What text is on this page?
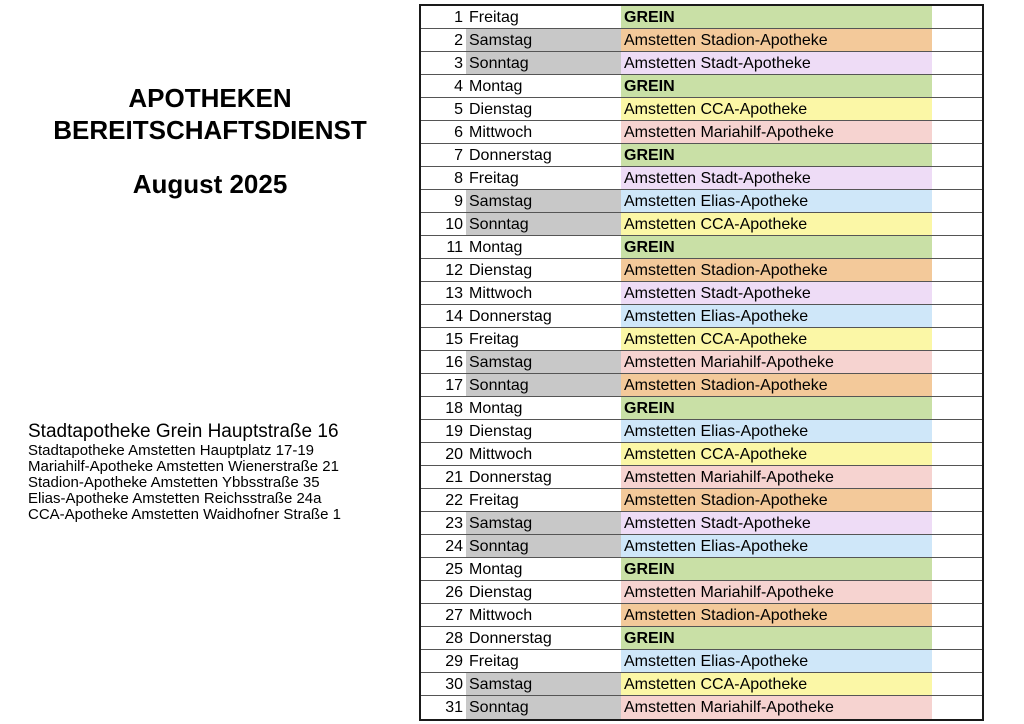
APOTHEKEN
BEREITSCHAFTSDIENST
August 2025
Stadtapotheke Grein Hauptstraße 16
Stadtapotheke Amstetten Hauptplatz 17-19
Mariahilf-Apotheke Amstetten Wienerstraße 21
Stadion-Apotheke Amstetten Ybbsstraße 35
Elias-Apotheke Amstetten Reichsstraße 24a
CCA-Apotheke Amstetten Waidhofner Straße 1
1 Freitag	GREIN
2 Samstag	Amstetten Stadion-Apotheke
3 Sonntag	Amstetten Stadt-Apotheke
4 Montag	GREIN
5 Dienstag	Amstetten CCA-Apotheke
6 Mittwoch	Amstetten Mariahilf-Apotheke
7 Donnerstag	GREIN
8 Freitag	Amstetten Stadt-Apotheke
9 Samstag	Amstetten Elias-Apotheke
10 Sonntag	Amstetten CCA-Apotheke
11 Montag	GREIN
12 Dienstag	Amstetten Stadion-Apotheke
13 Mittwoch	Amstetten Stadt-Apotheke
14 Donnerstag	Amstetten Elias-Apotheke
15 Freitag	Amstetten CCA-Apotheke
16 Samstag	Amstetten Mariahilf-Apotheke
17 Sonntag	Amstetten Stadion-Apotheke
18 Montag	GREIN
19 Dienstag	Amstetten Elias-Apotheke
20 Mittwoch	Amstetten CCA-Apotheke
21 Donnerstag	Amstetten Mariahilf-Apotheke
22 Freitag	Amstetten Stadion-Apotheke
23 Samstag	Amstetten Stadt-Apotheke
24 Sonntag	Amstetten Elias-Apotheke
25 Montag	GREIN
26 Dienstag	Amstetten Mariahilf-Apotheke
27 Mittwoch	Amstetten Stadion-Apotheke
28 Donnerstag	GREIN
29 Freitag	Amstetten Elias-Apotheke
30 Samstag	Amstetten CCA-Apotheke
31 Sonntag	Amstetten Mariahilf-Apotheke
